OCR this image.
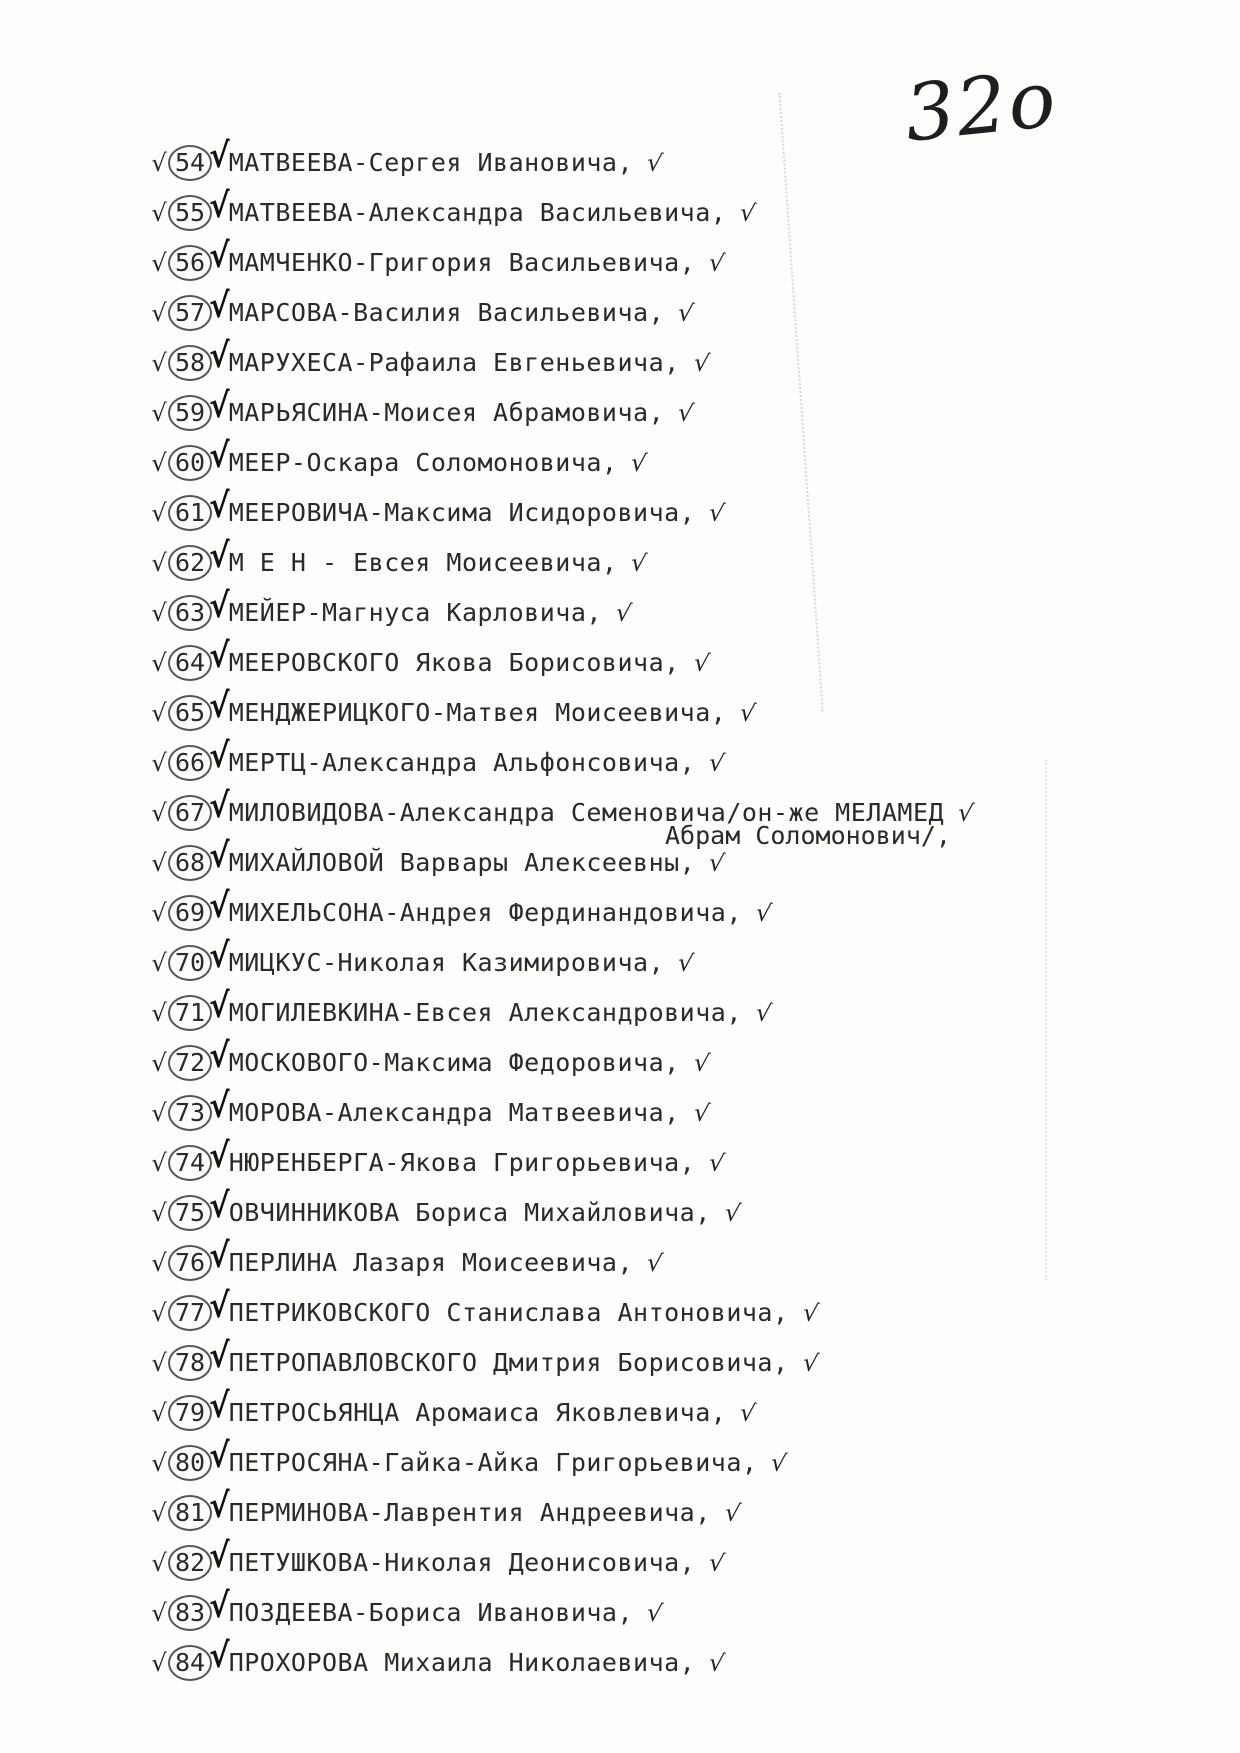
32о
√ 54 √МАТВЕЕВА-Сергея Ивановича, √
√ 55 √МАТВЕЕВА-Александра Васильевича, √
√ 56 √МАМЧЕНКО-Григория Васильевича, √
√ 57 √МАРСОВА-Василия Васильевича, √
√ 58 √МАРУХЕСА-Рафаила Евгеньевича, √
√ 59 √МАРЬЯСИНА-Моисея Абрамовича, √
√ 60 √МЕЕР-Оскара Соломоновича, √
√ 61 √МЕЕРОВИЧА-Максима Исидоровича, √
√ 62 √М Е Н - Евсея Моисеевича, √
√ 63 √МЕЙЕР-Магнуса Карловича, √
√ 64 √МЕЕРОВСКОГО Якова Борисовича, √
√ 65 √МЕНДЖЕРИЦКОГО-Матвея Моисеевича, √
√ 66 √МЕРТЦ-Александра Альфонсовича, √
√ 67 √МИЛОВИДОВА-Александра Семеновича/он-же МЕЛАМЕД
Абрам Соломонович/,
√
√ 68 √МИХАЙЛОВОЙ Варвары Алексеевны, √
√ 69 √МИХЕЛЬСОНА-Андрея Фердинандовича, √
√ 70 √МИЦКУС-Николая Казимировича, √
√ 71 √МОГИЛЕВКИНА-Евсея Александровича, √
√ 72 √МОСКОВОГО-Максима Федоровича, √
√ 73 √МОРОВА-Александра Матвеевича, √
√ 74 √НЮРЕНБЕРГА-Якова Григорьевича, √
√ 75 √ОВЧИННИКОВА Бориса Михайловича, √
√ 76 √ПЕРЛИНА Лазаря Моисеевича, √
√ 77 √ПЕТРИКОВСКОГО Станислава Антоновича, √
√ 78 √ПЕТРОПАВЛОВСКОГО Дмитрия Борисовича, √
√ 79 √ПЕТРОСЬЯНЦА Аромаиса Яковлевича, √
√ 80 √ПЕТРОСЯНА-Гайка-Айка Григорьевича, √
√ 81 √ПЕРМИНОВА-Лаврентия Андреевича, √
√ 82 √ПЕТУШКОВА-Николая Деонисовича, √
√ 83 √ПОЗДЕЕВА-Бориса Ивановича, √
√ 84 √ПРОХОРОВА Михаила Николаевича, √
